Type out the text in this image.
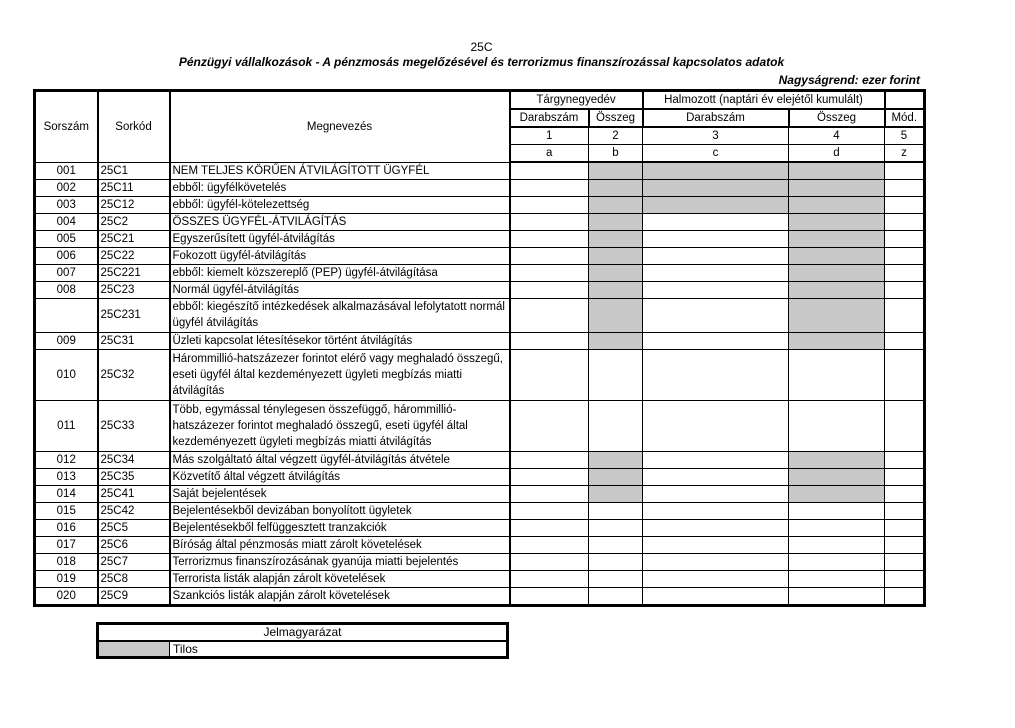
25C
Pénzügyi vállalkozások - A pénzmosás megelőzésével és terrorizmus finanszírozással kapcsolatos adatok
Nagyságrend: ezer forint
Sorszám	Sorkód	Megnevezés	Tárgynegyedév		Halmozott (naptári év elejétől kumulált)		
			Darabszám	Összeg	Darabszám	Összeg	Mód.
			1	2	3	4	5
			a	b	c	d	z
001	25C1	NEM TELJES KÖRŰEN ÁTVILÁGÍTOTT ÜGYFÉL					
002	25C11	ebből: ügyfélkövetelés					
003	25C12	ebből: ügyfél-kötelezettség					
004	25C2	ÖSSZES ÜGYFÉL-ÁTVILÁGÍTÁS					
005	25C21	Egyszerűsített ügyfél-átvilágítás					
006	25C22	Fokozott ügyfél-átvilágítás					
007	25C221	ebből: kiemelt közszereplő (PEP) ügyfél-átvilágítása					
008	25C23	Normál ügyfél-átvilágítás					
	25C231	ebből: kiegészítő intézkedések alkalmazásával lefolytatott normál ügyfél átvilágítás					
009	25C31	Üzleti kapcsolat létesítésekor történt átvilágítás					
010	25C32	Hárommillió-hatszázezer forintot elérő vagy meghaladó összegű, eseti ügyfél által kezdeményezett ügyleti megbízás miatti átvilágítás					
011	25C33	Több, egymással ténylegesen összefüggő, hárommillió-hatszázezer forintot meghaladó összegű, eseti ügyfél által kezdeményezett ügyleti megbízás miatti átvilágítás					
012	25C34	Más szolgáltató által végzett ügyfél-átvilágítás átvétele					
013	25C35	Közvetítő által végzett átvilágítás					
014	25C41	Saját bejelentések					
015	25C42	Bejelentésekből devizában bonyolított ügyletek					
016	25C5	Bejelentésekből felfüggesztett tranzakciók					
017	25C6	Bíróság által pénzmosás miatt zárolt követelések					
018	25C7	Terrorizmus finanszírozásának gyanúja miatti bejelentés					
019	25C8	Terrorista listák alapján zárolt követelések					
020	25C9	Szankciós listák alapján zárolt követelések					
Jelmagyarázat
	Tilos
